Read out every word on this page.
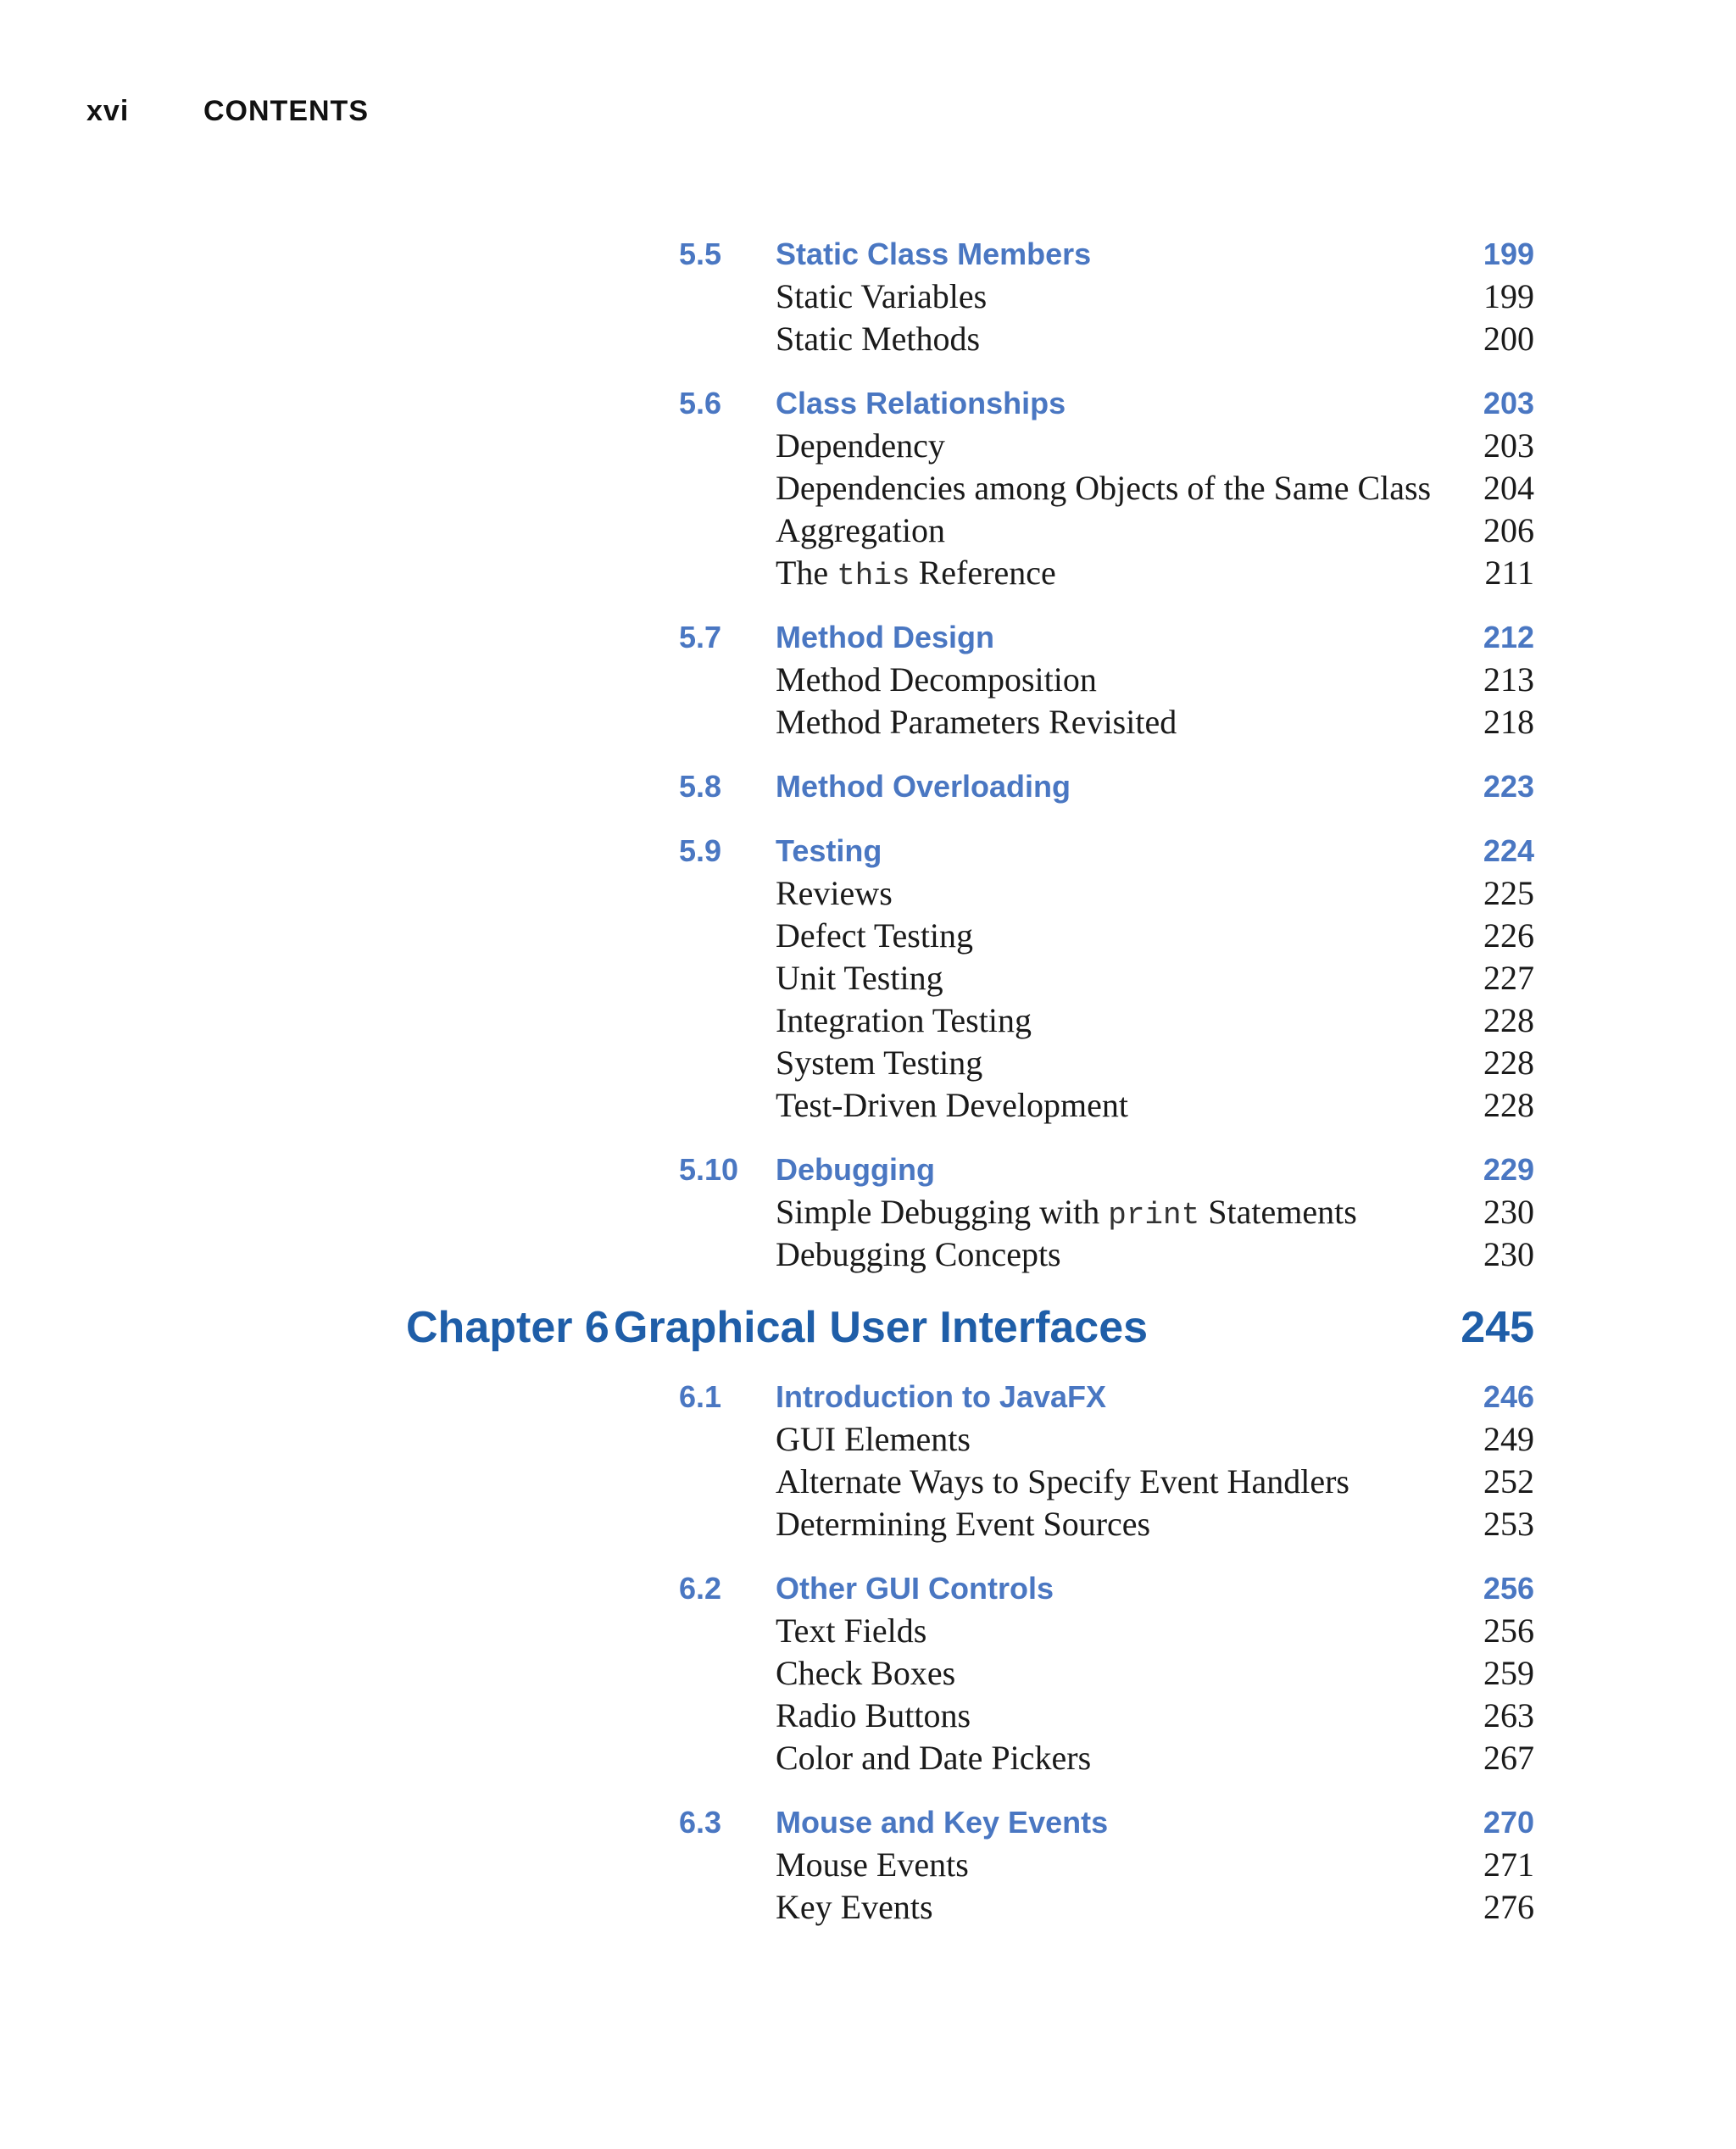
xvi	CONTENTS
5.5 Static Class Members	199
Static Variables	199
Static Methods	200
5.6 Class Relationships	203
Dependency	203
Dependencies among Objects of the Same Class 204
Aggregation	206
The this Reference	211
5.7 Method Design	212
Method Decomposition	213
Method Parameters Revisited	218
5.8 Method Overloading	223
5.9 Testing	224
Reviews	225
Defect Testing	226
Unit Testing	227
Integration Testing	228
System Testing	228
Test-Driven Development	228
5.10 Debugging	229
Simple Debugging with print Statements	230
Debugging Concepts	230
Chapter 6 Graphical User Interfaces	245
6.1 Introduction to JavaFX	246
GUI Elements	249
Alternate Ways to Specify Event Handlers	252
Determining Event Sources	253
6.2 Other GUI Controls	256
Text Fields	256
Check Boxes	259
Radio Buttons	263
Color and Date Pickers	267
6.3 Mouse and Key Events	270
Mouse Events	271
Key Events	276
